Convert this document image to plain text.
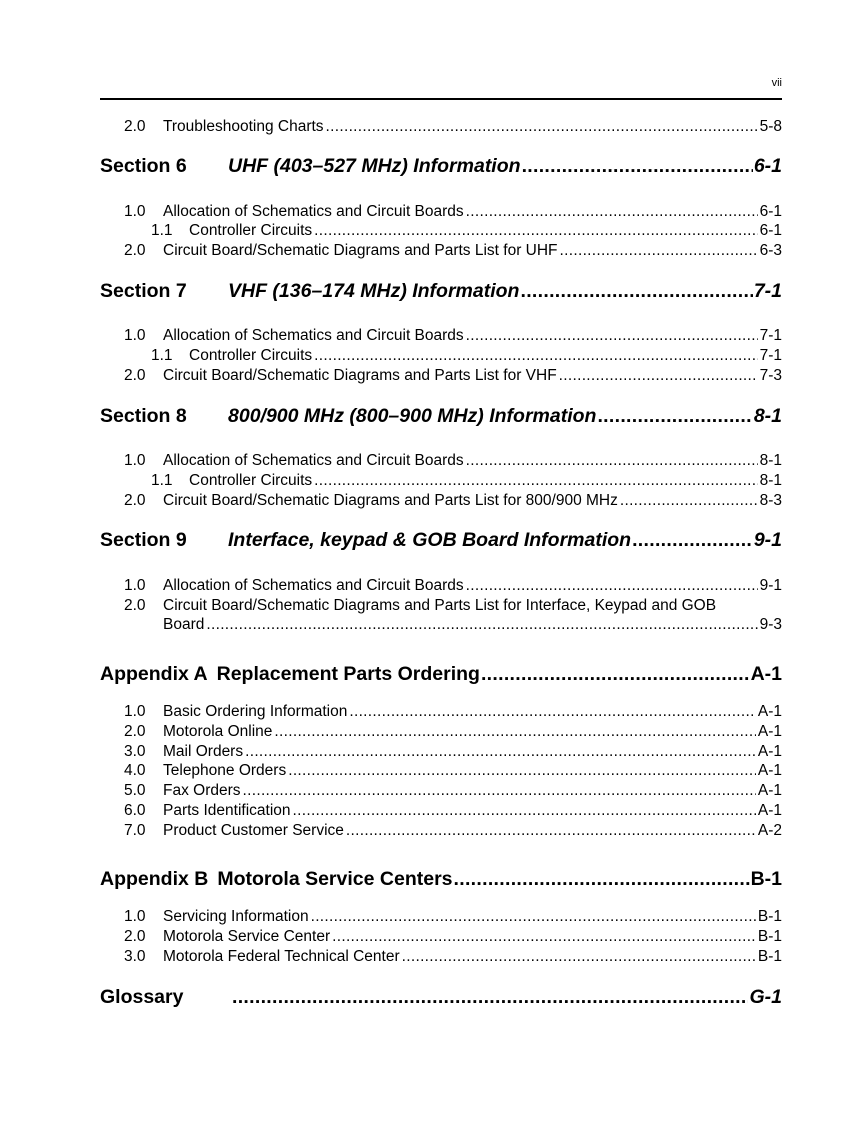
vii
2.0	Troubleshooting Charts .....	5-8
Section 6	UHF (403–527 MHz) Information .....	6-1
1.0	Allocation of Schematics and Circuit Boards .....	6-1
1.1	Controller Circuits .....	6-1
2.0	Circuit Board/Schematic Diagrams and Parts List for UHF .....	6-3
Section 7	VHF (136–174 MHz) Information .....	7-1
1.0	Allocation of Schematics and Circuit Boards .....	7-1
1.1	Controller Circuits .....	7-1
2.0	Circuit Board/Schematic Diagrams and Parts List for VHF .....	7-3
Section 8	800/900 MHz (800–900 MHz) Information .....	8-1
1.0	Allocation of Schematics and Circuit Boards .....	8-1
1.1	Controller Circuits .....	8-1
2.0	Circuit Board/Schematic Diagrams and Parts List for 800/900 MHz .....	8-3
Section 9	Interface, keypad & GOB Board Information .....	9-1
1.0	Allocation of Schematics and Circuit Boards .....	9-1
2.0	Circuit Board/Schematic Diagrams and Parts List for Interface, Keypad and GOB
Board .....	9-3
Appendix A Replacement Parts Ordering .....	A-1
1.0	Basic Ordering Information .....	A-1
2.0	Motorola Online .....	A-1
3.0	Mail Orders .....	A-1
4.0	Telephone Orders .....	A-1
5.0	Fax Orders .....	A-1
6.0	Parts Identification .....	A-1
7.0	Product Customer Service .....	A-2
Appendix B Motorola Service Centers .....	B-1
1.0	Servicing Information .....	B-1
2.0	Motorola Service Center .....	B-1
3.0	Motorola Federal Technical Center .....	B-1
Glossary .....	G-1
